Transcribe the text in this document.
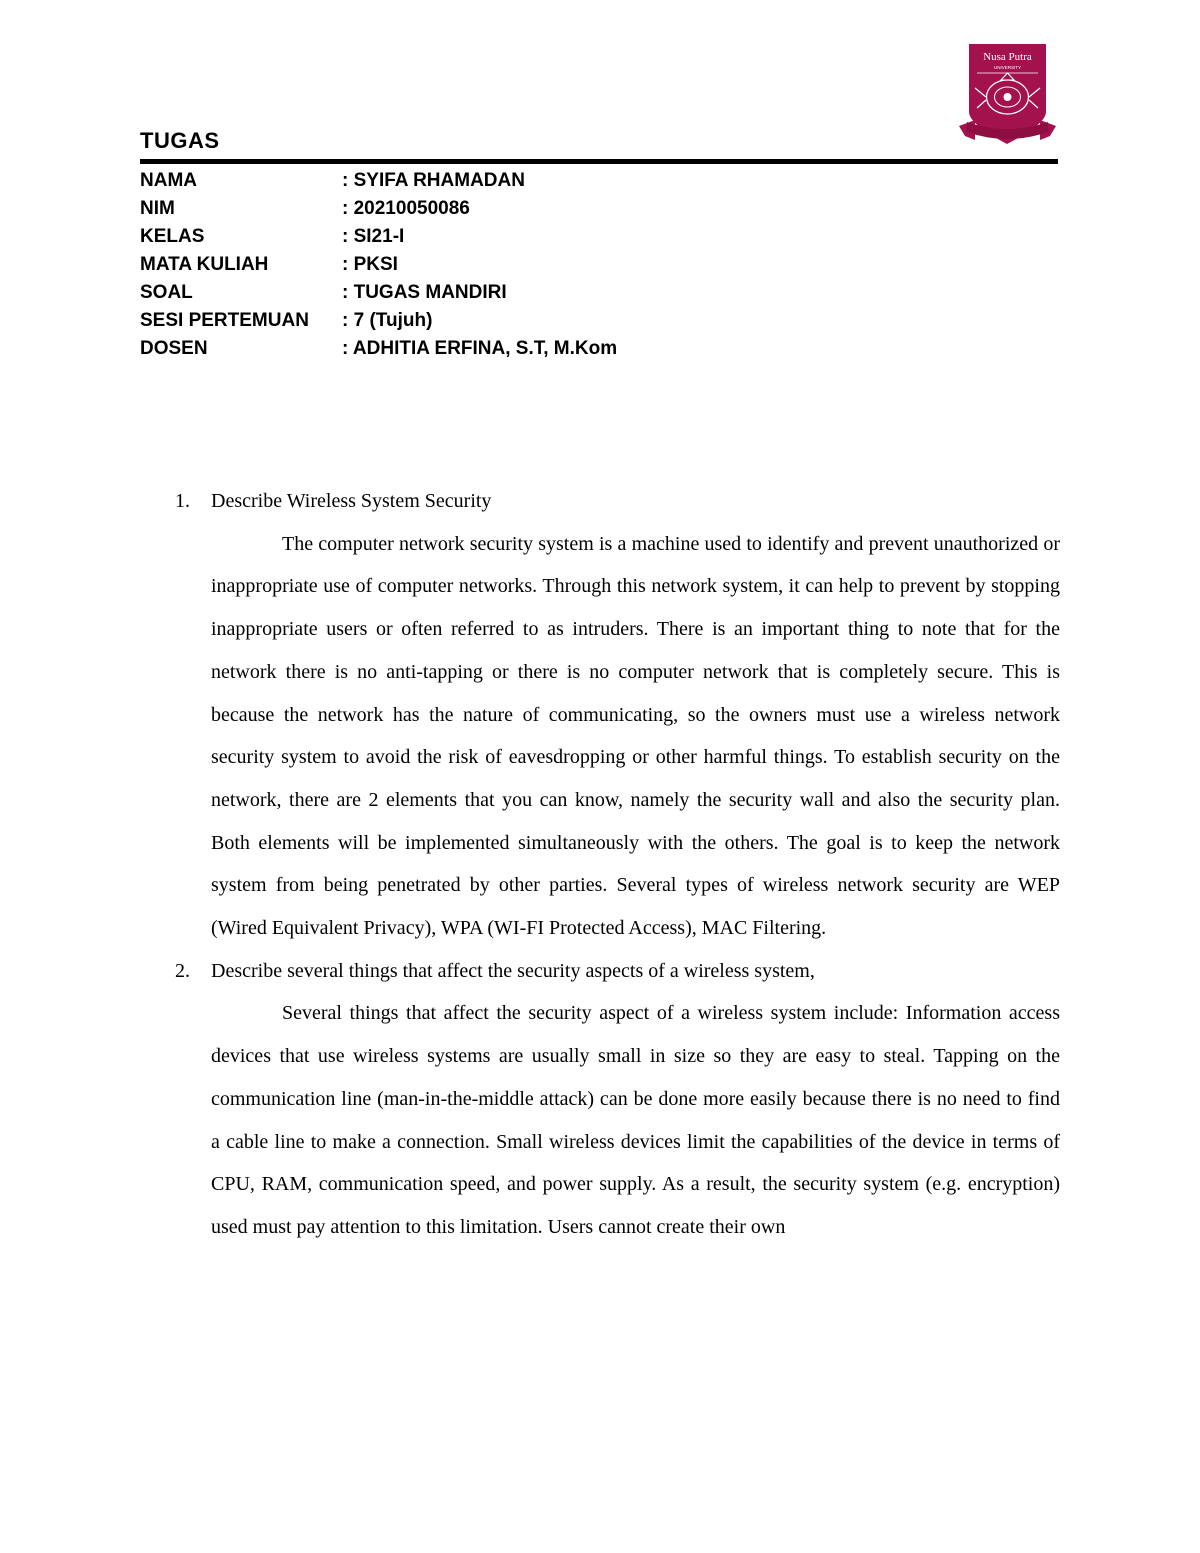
Nusa Putra
UNIVERSITY
TUGAS
NAMA	: SYIFA RHAMADAN
NIM	: 20210050086
KELAS	: SI21-I
MATA KULIAH	: PKSI
SOAL	: TUGAS MANDIRI
SESI PERTEMUAN : 7 (Tujuh)
DOSEN	: ADHITIA ERFINA, S.T, M.Kom
1. Describe Wireless System Security
The computer network security system is a machine used to identify and prevent unauthorized or inappropriate use of computer networks. Through this network system, it can help to prevent by stopping inappropriate users or often referred to as intruders. There is an important thing to note that for the network there is no anti-tapping or there is no computer network that is completely secure. This is because the network has the nature of communicating, so the owners must use a wireless network security system to avoid the risk of eavesdropping or other harmful things. To establish security on the network, there are 2 elements that you can know, namely the security wall and also the security plan. Both elements will be implemented simultaneously with the others. The goal is to keep the network system from being penetrated by other parties. Several types of wireless network security are WEP (Wired Equivalent Privacy), WPA (WI-FI Protected Access), MAC Filtering.
2. Describe several things that affect the security aspects of a wireless system,
Several things that affect the security aspect of a wireless system include: Information access devices that use wireless systems are usually small in size so they are easy to steal. Tapping on the communication line (man-in-the-middle attack) can be done more easily because there is no need to find a cable line to make a connection. Small wireless devices limit the capabilities of the device in terms of CPU, RAM, communication speed, and power supply. As a result, the security system (e.g. encryption) used must pay attention to this limitation. Users cannot create their own
